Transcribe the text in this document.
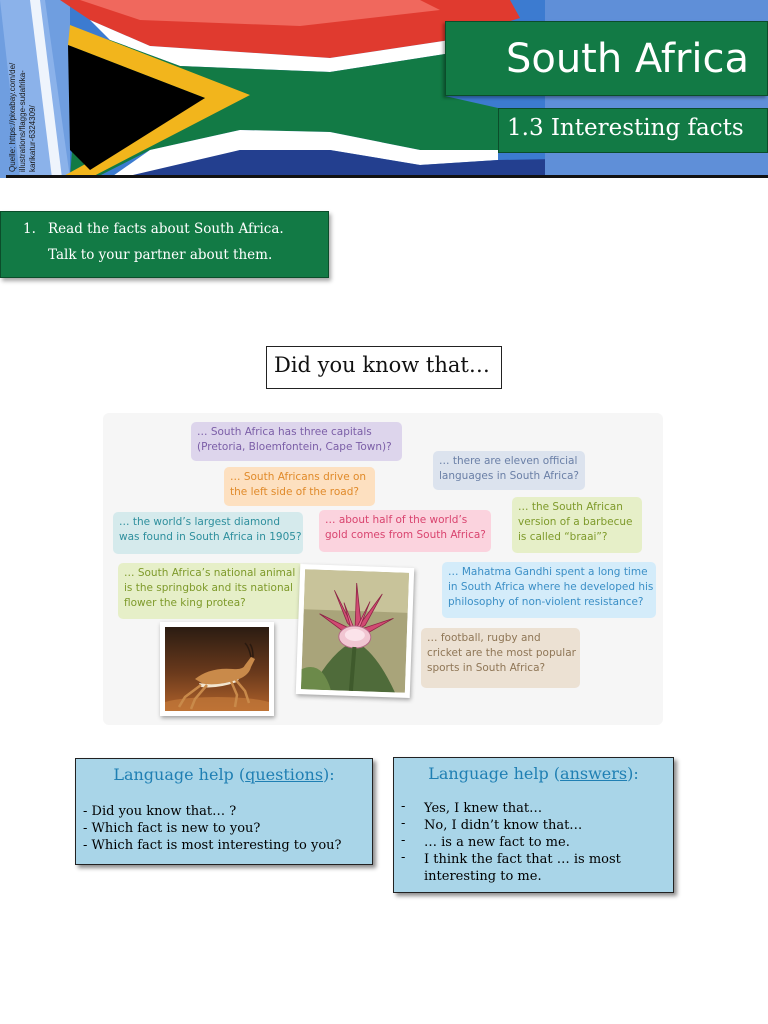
Quelle: https://pixabay.com/de/ illustrations/flagge-sudafrika- karikatur-6324309/
South Africa
1.3 Interesting facts
1. Read the facts about South Africa.
Talk to your partner about them.
Did you know that…
… South Africa has three capitals
(Pretoria, Bloemfontein, Cape Town)?
… there are eleven official
languages in South Africa?
… South Africans drive on
the left side of the road?
… the world’s largest diamond
was found in South Africa in 1905?
… about half of the world’s
gold comes from South Africa?
… the South African
version of a barbecue
is called “braai”?
… South Africa’s national animal
is the springbok and its national
flower the king protea?
… Mahatma Gandhi spent a long time
in South Africa where he developed his
philosophy of non-violent resistance?
… football, rugby and
cricket are the most popular
sports in South Africa?
Language help (questions):
- Did you know that… ?
- Which fact is new to you?
- Which fact is most interesting to you?
Language help (answers):
- Yes, I knew that…
- No, I didn’t know that…
- … is a new fact to me.
- I think the fact that … is most interesting to me.
